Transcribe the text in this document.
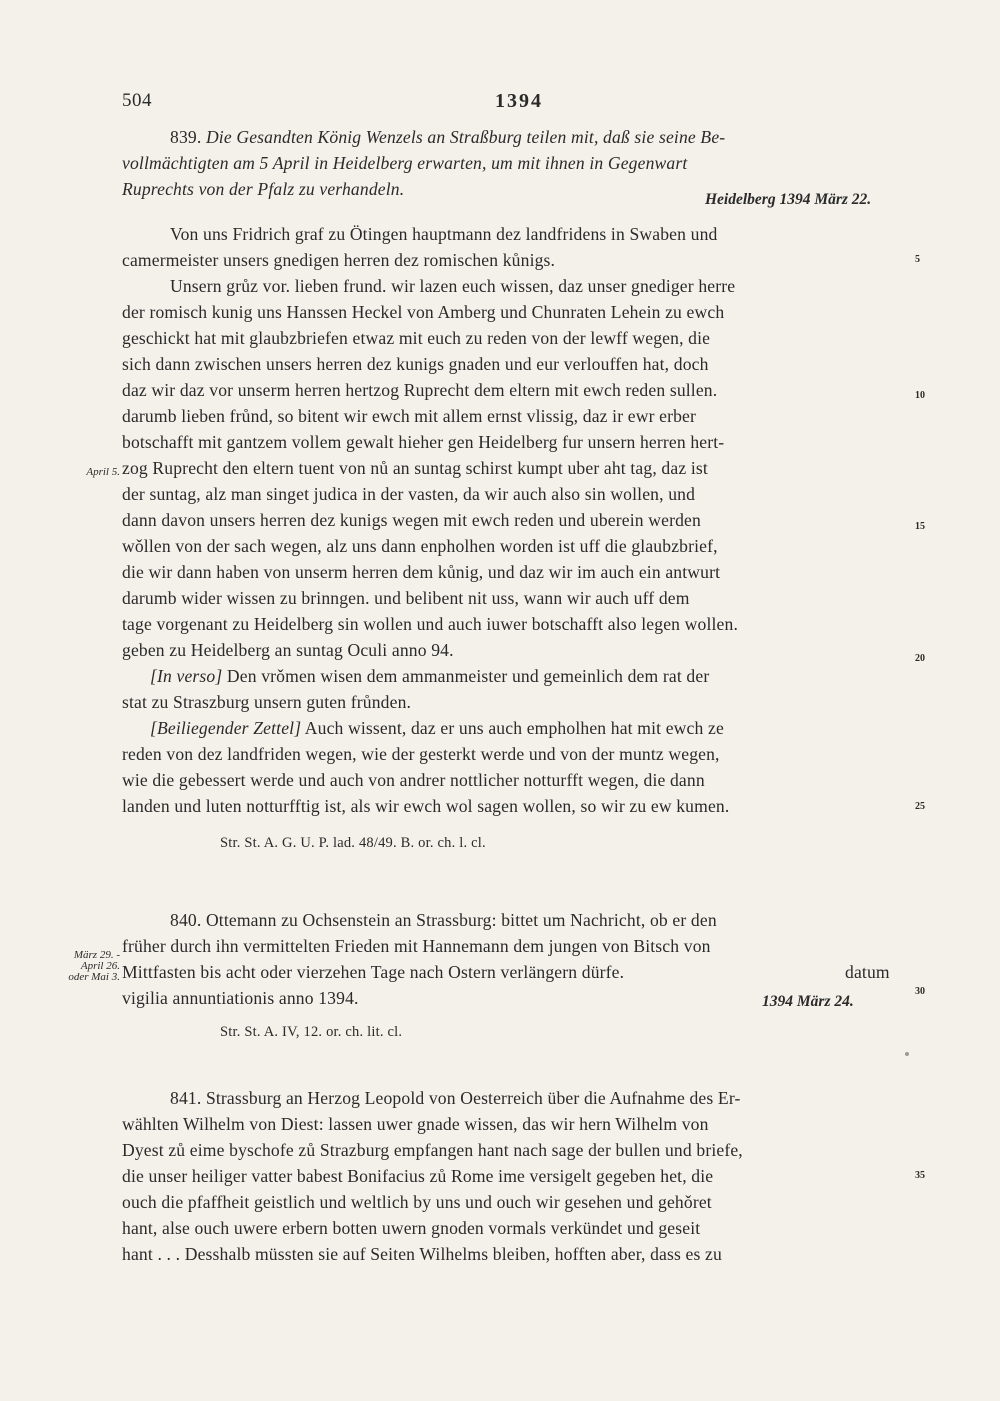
504	1394
839. Die Gesandten König Wenzels an Straßburg teilen mit, daß sie seine Be-
vollmächtigten am 5 April in Heidelberg erwarten, um mit ihnen in Gegenwart
Ruprechts von der Pfalz zu verhandeln.
Heidelberg 1394 März 22.
Von uns Fridrich graf zu Ötingen hauptmann dez landfridens in Swaben und
camermeister unsers gnedigen herren dez romischen kůnigs.
Unsern grůz vor. lieben frund. wir lazen euch wissen, daz unser gnediger herre
der romisch kunig uns Hanssen Heckel von Amberg und Chunraten Lehein zu ewch
geschickt hat mit glaubzbriefen etwaz mit euch zu reden von der lewff wegen, die
sich dann zwischen unsers herren dez kunigs gnaden und eur verlouffen hat, doch
daz wir daz vor unserm herren hertzog Ruprecht dem eltern mit ewch reden sullen.
darumb lieben frůnd, so bitent wir ewch mit allem ernst vlissig, daz ir ewr erber
botschafft mit gantzem vollem gewalt hieher gen Heidelberg fur unsern herren hert-
zog Ruprecht den eltern tuent von nů an suntag schirst kumpt uber aht tag, daz ist
der suntag, alz man singet judica in der vasten, da wir auch also sin wollen, und
dann davon unsers herren dez kunigs wegen mit ewch reden und uberein werden
wǒllen von der sach wegen, alz uns dann enpholhen worden ist uff die glaubzbrief,
die wir dann haben von unserm herren dem kůnig, und daz wir im auch ein antwurt
darumb wider wissen zu brinngen. und belibent nit uss, wann wir auch uff dem
tage vorgenant zu Heidelberg sin wollen und auch iuwer botschafft also legen wollen.
geben zu Heidelberg an suntag Oculi anno 94.
[In verso] Den vrǒmen wisen dem ammanmeister und gemeinlich dem rat der
stat zu Straszburg unsern guten frůnden.
[Beiliegender Zettel] Auch wissent, daz er uns auch empholhen hat mit ewch ze
reden von dez landfriden wegen, wie der gesterkt werde und von der muntz wegen,
wie die gebessert werde und auch von andrer nottlicher notturfft wegen, die dann
landen und luten notturfftig ist, als wir ewch wol sagen wollen, so wir zu ew kumen.
Str. St. A. G. U. P. lad. 48/49. B. or. ch. l. cl.
April 5.
840. Ottemann zu Ochsenstein an Strassburg: bittet um Nachricht, ob er den
früher durch ihn vermittelten Frieden mit Hannemann dem jungen von Bitsch von
Mittfasten bis acht oder vierzehen Tage nach Ostern verlängern dürfe.	datum
vigilia annuntiationis anno 1394.	1394 März 24.
Str. St. A. IV, 12. or. ch. lit. cl.
März 29. -
April 26.
oder Mai 3.
841. Strassburg an Herzog Leopold von Oesterreich über die Aufnahme des Er-
wählten Wilhelm von Diest: lassen uwer gnade wissen, das wir hern Wilhelm von
Dyest zů eime byschofe zů Strazburg empfangen hant nach sage der bullen und briefe,
die unser heiliger vatter babest Bonifacius zů Rome ime versigelt gegeben het, die
ouch die pfaffheit geistlich und weltlich by uns und ouch wir gesehen und gehǒret
hant, alse ouch uwere erbern botten uwern gnoden vormals verkündet und geseit
hant . . . Desshalb müssten sie auf Seiten Wilhelms bleiben, hofften aber, dass es zu
5
10
15
20
25
30
35
